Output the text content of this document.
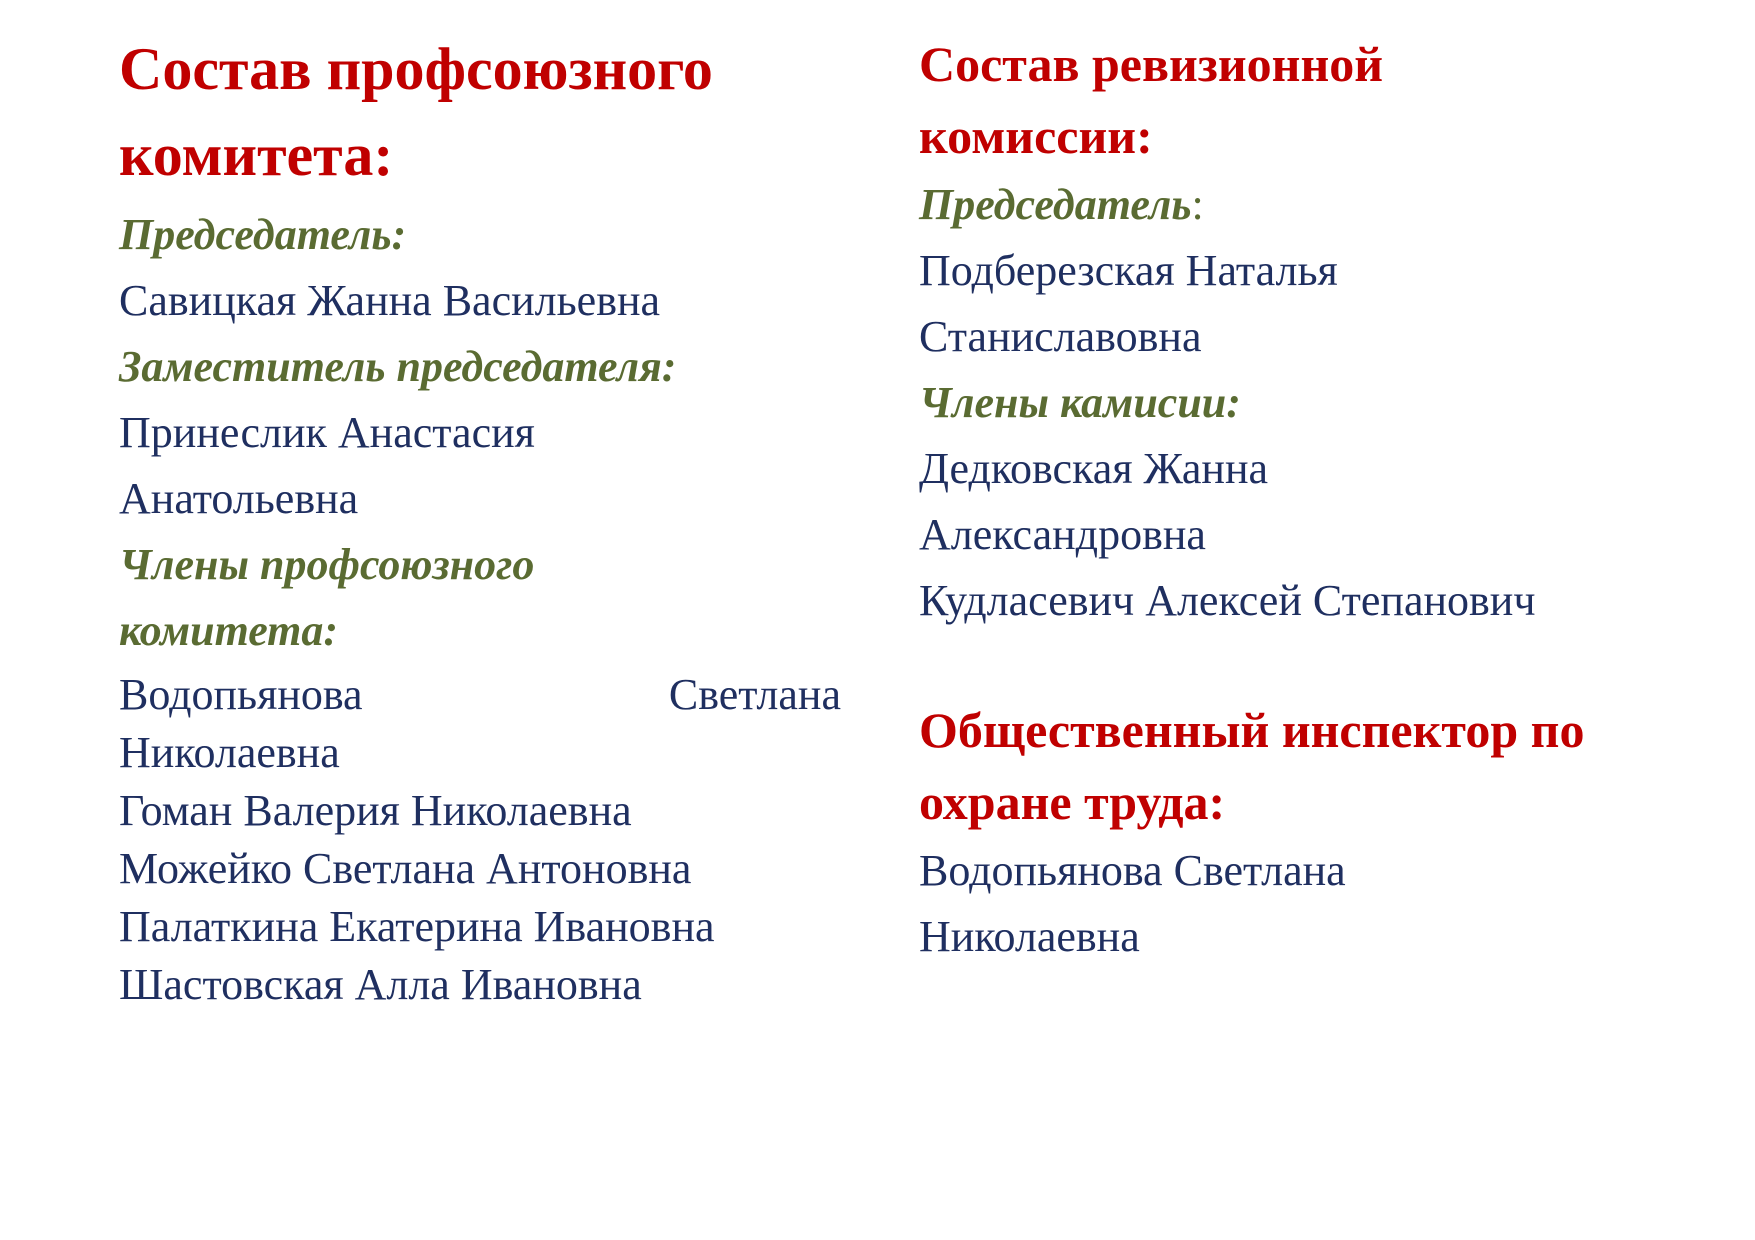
Состав профсоюзного комитета:

Председатель:

Савицкая Жанна Васильевна

Заместитель председателя:

Принеслик Анастасия Анатольевна

Члены профсоюзного комитета:

Водопьянова	Светлана

Николаевна

Гоман Валерия Николаевна

Можейко Светлана Антоновна

Палаткина Екатерина Ивановна

Шастовская Алла Ивановна

Состав ревизионной комиссии:

Председатель:

Подберезская Наталья Станиславовна

Члены камисии:

Дедковская Жанна Александровна

Кудласевич Алексей Степанович

Общественный инспектор по охране труда:

Водопьянова Светлана Николаевна
